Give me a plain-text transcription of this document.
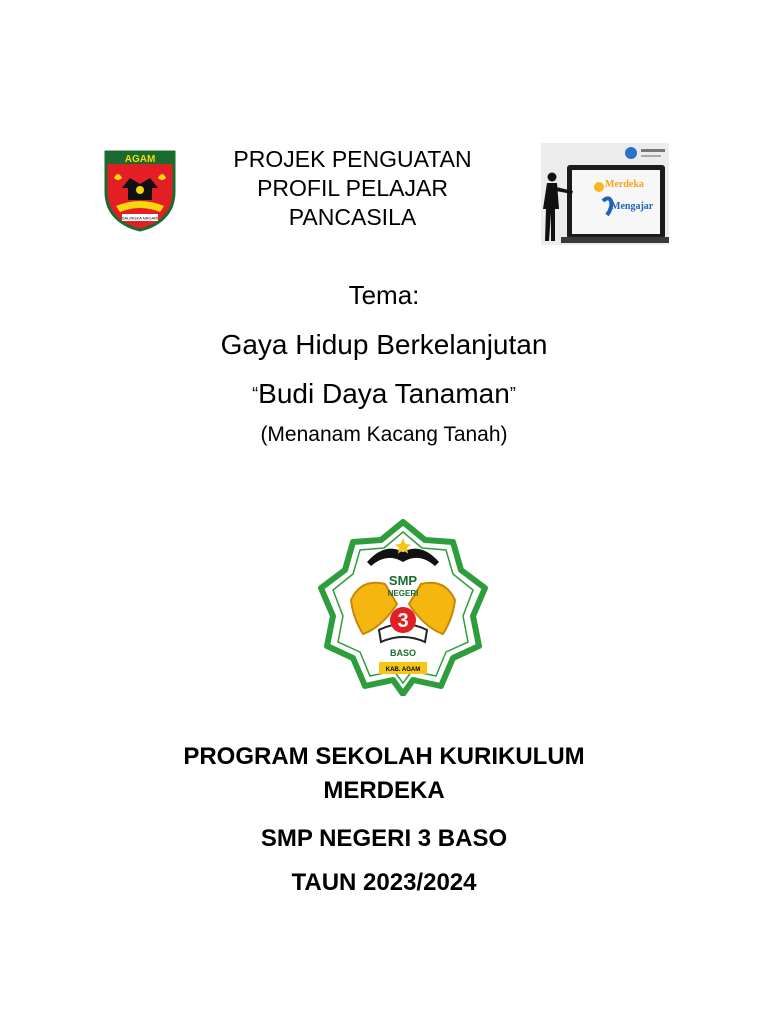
AGAM
SALINGKA NAGARI
PROJEK PENGUATAN
PROFIL PELAJAR
PANCASILA
Merdeka
Mengajar
Tema:
Gaya Hidup Berkelanjutan
“Budi Daya Tanaman”
(Menanam Kacang Tanah)
3
SMP
NEGERI
BASO
KAB. AGAM
PROGRAM SEKOLAH KURIKULUM
MERDEKA
SMP NEGERI 3 BASO
TAUN 2023/2024
